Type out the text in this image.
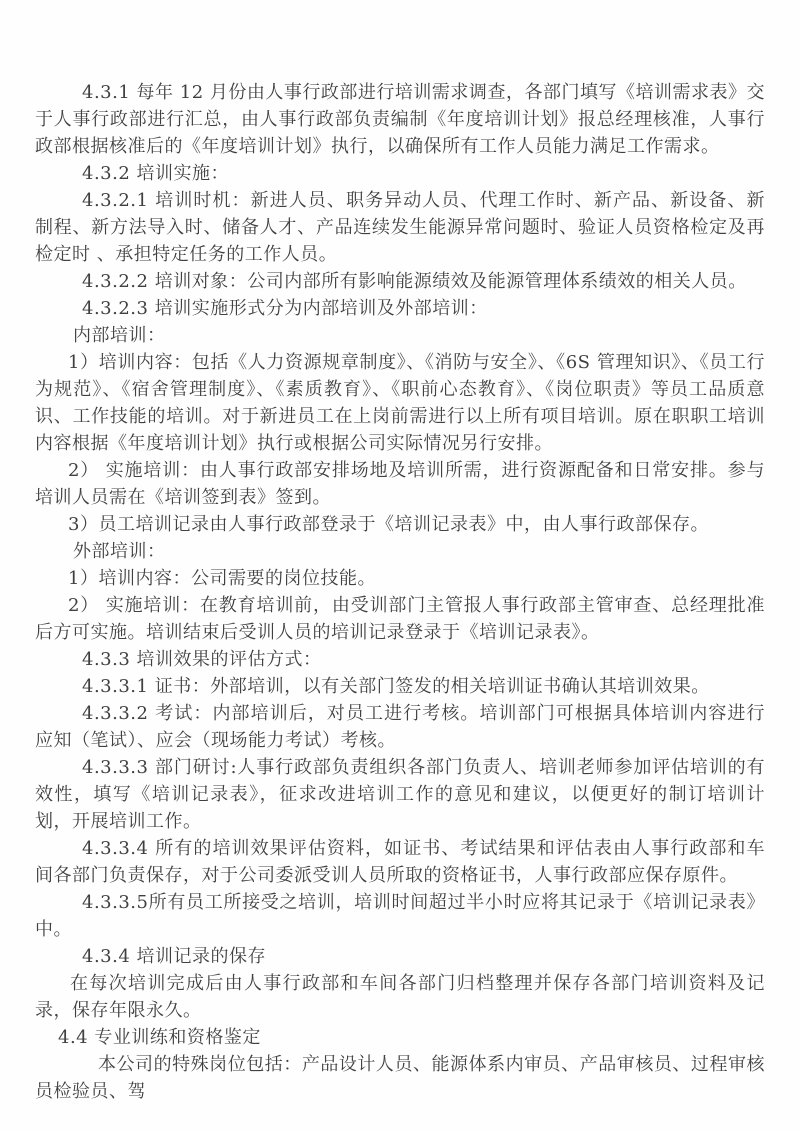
4.3.1 每年 12 月份由人事行政部进行培训需求调查，各部门填写《培训需求表》交于人事行政部进行汇总，由人事行政部负责编制《年度培训计划》报总经理核准，人事行政部根据核准后的《年度培训计划》执行，以确保所有工作人员能力满足工作需求。

4.3.2 培训实施：

4.3.2.1 培训时机：新进人员、职务异动人员、代理工作时、新产品、新设备、新制程、新方法导入时、储备人才、产品连续发生能源异常问题时、验证人员资格检定及再检定时 、承担特定任务的工作人员。

4.3.2.2 培训对象：公司内部所有影响能源绩效及能源管理体系绩效的相关人员。

4.3.2.3 培训实施形式分为内部培训及外部培训：

内部培训：

1）培训内容：包括《人力资源规章制度》、《消防与安全》、《6S 管理知识》、《员工行为规范》、《宿舍管理制度》、《素质教育》、《职前心态教育》、《岗位职责》等员工品质意识、工作技能的培训。对于新进员工在上岗前需进行以上所有项目培训。原在职职工培训内容根据《年度培训计划》执行或根据公司实际情况另行安排。

2） 实施培训：由人事行政部安排场地及培训所需，进行资源配备和日常安排。参与培训人员需在《培训签到表》签到。

3）员工培训记录由人事行政部登录于《培训记录表》中，由人事行政部保存。

外部培训：

1）培训内容：公司需要的岗位技能。

2） 实施培训：在教育培训前，由受训部门主管报人事行政部主管审查、总经理批准后方可实施。培训结束后受训人员的培训记录登录于《培训记录表》。

4.3.3 培训效果的评估方式：

4.3.3.1 证书：外部培训，以有关部门签发的相关培训证书确认其培训效果。

4.3.3.2 考试：内部培训后，对员工进行考核。培训部门可根据具体培训内容进行应知（笔试）、应会（现场能力考试）考核。

4.3.3.3 部门研讨:人事行政部负责组织各部门负责人、培训老师参加评估培训的有效性，填写《培训记录表》，征求改进培训工作的意见和建议，以便更好的制订培训计划，开展培训工作。

4.3.3.4 所有的培训效果评估资料，如证书、考试结果和评估表由人事行政部和车间各部门负责保存，对于公司委派受训人员所取的资格证书，人事行政部应保存原件。

4.3.3.5所有员工所接受之培训，培训时间超过半小时应将其记录于《培训记录表》中。

4.3.4 培训记录的保存

在每次培训完成后由人事行政部和车间各部门归档整理并保存各部门培训资料及记录，保存年限永久。

4.4 专业训练和资格鉴定

本公司的特殊岗位包括：产品设计人员、能源体系内审员、产品审核员、过程审核员检验员、驾
